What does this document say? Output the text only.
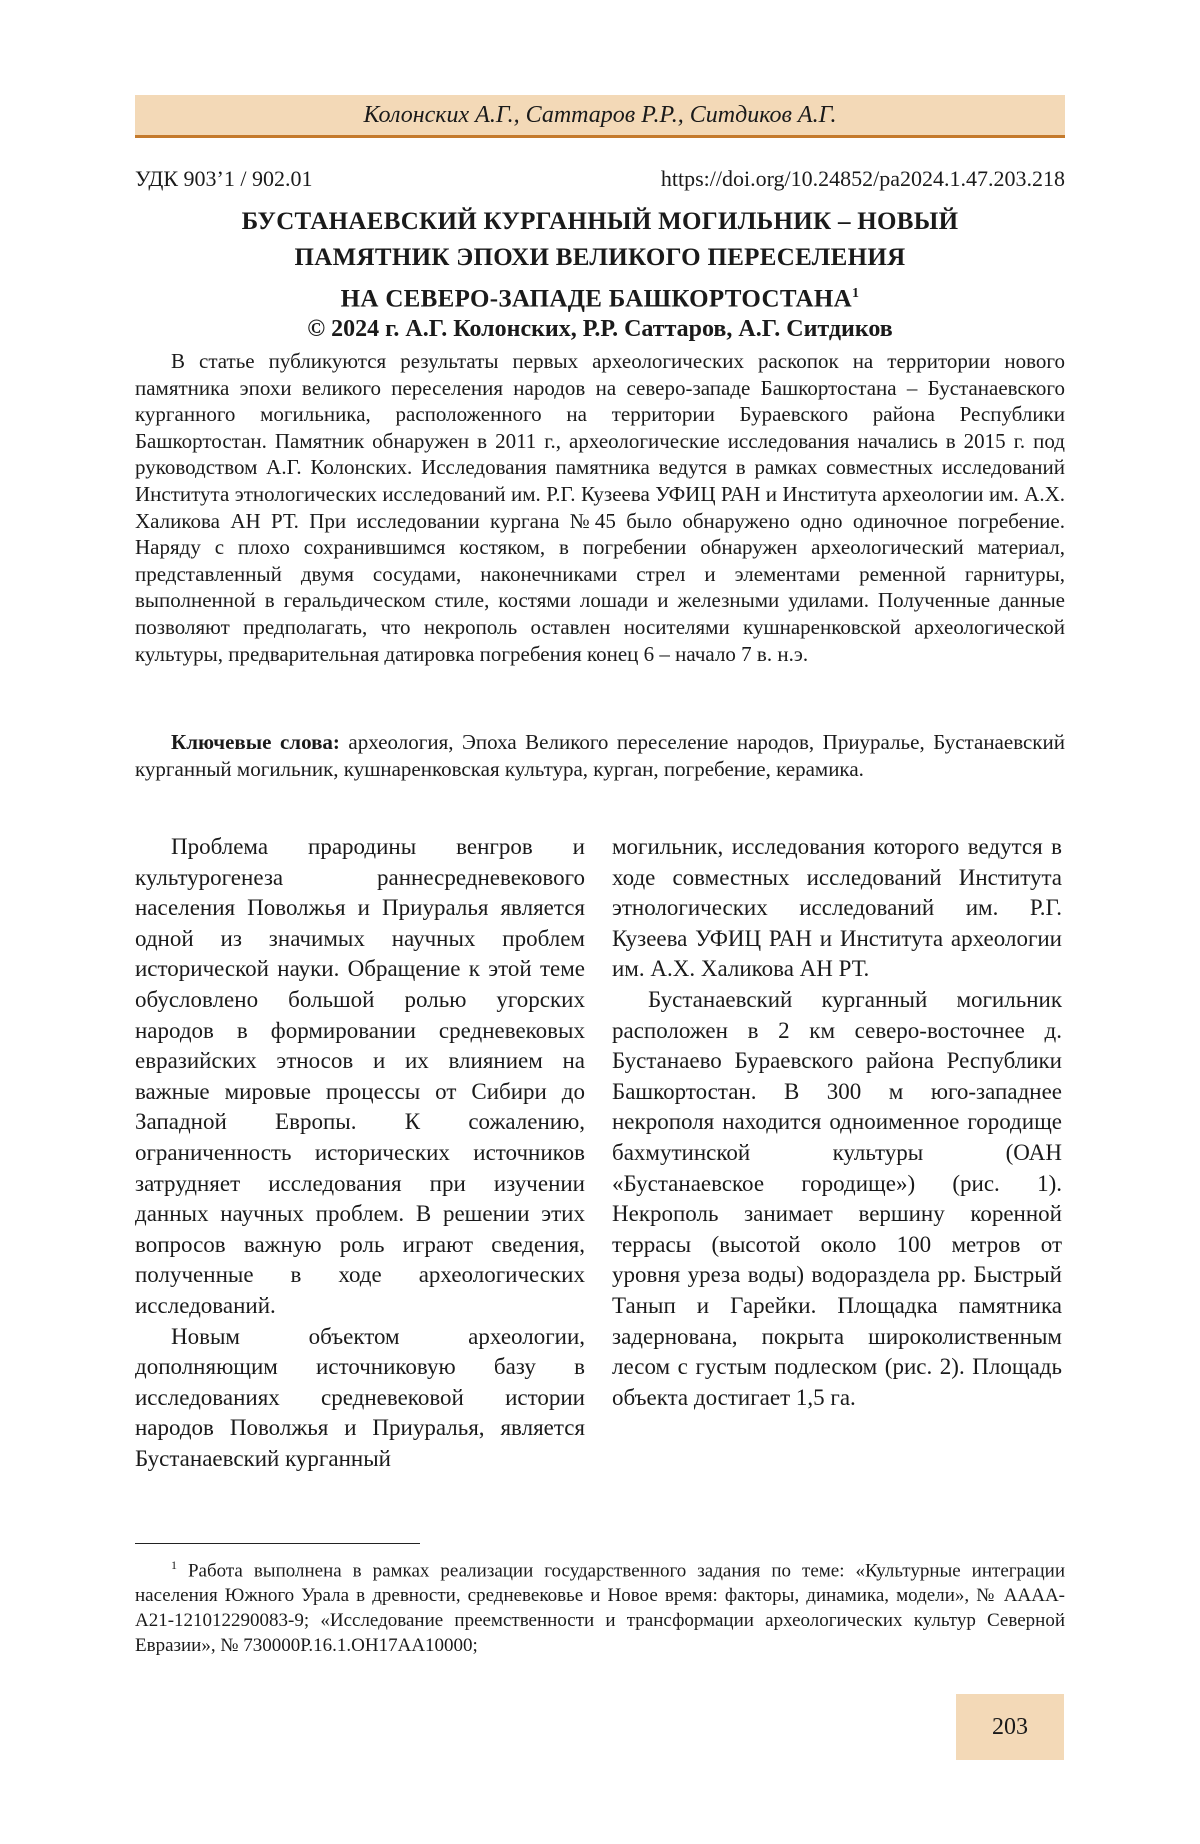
Колонских А.Г., Саттаров Р.Р., Ситдиков А.Г.
УДК 903’1 / 902.01	https://doi.org/10.24852/pa2024.1.47.203.218
БУСТАНАЕВСКИЙ КУРГАННЫЙ МОГИЛЬНИК – НОВЫЙ
ПАМЯТНИК ЭПОХИ ВЕЛИКОГО ПЕРЕСЕЛЕНИЯ
НА СЕВЕРО-ЗАПАДЕ БАШКОРТОСТАНА$^1$
© 2024 г. А.Г. Колонских, Р.Р. Саттаров, А.Г. Ситдиков

В статье публикуются результаты первых археологических раскопок на территории нового памятника эпохи великого переселения народов на северо-западе Башкортостана – Бустанаевского курганного могильника, расположенного на территории Бураевского района Республики Башкортостан. Памятник обнаружен в 2011 г., археологические исследования начались в 2015 г. под руководством А.Г. Колонских. Исследования памятника ведутся в рамках совместных исследований Института этнологических исследований им. Р.Г. Кузеева УФИЦ РАН и Института археологии им. А.Х. Халикова АН РТ. При исследовании кургана №45 было обнаружено одно одиночное погребение. Наряду с плохо сохранившимся костяком, в погребении обнаружен археологический материал, представленный двумя сосудами, наконечниками стрел и элементами ременной гарнитуры, выполненной в геральдическом стиле, костями лошади и железными удилами. Полученные данные позволяют предполагать, что некрополь оставлен носителями кушнаренковской археологической культуры, предварительная датировка погребения конец 6 – начало 7 в. н.э.

Ключевые слова: археология, Эпоха Великого переселение народов, Приуралье, Бустанаевский курганный могильник, кушнаренковская культура, курган, погребение, керамика.

Проблема прародины венгров и культурогенеза раннесредневекового населения Поволжья и Приуралья является одной из значимых научных проблем исторической науки. Обращение к этой теме обусловлено большой ролью угорских народов в формировании средневековых евразийских этносов и их влиянием на важные мировые процессы от Сибири до Западной Европы. К сожалению, ограниченность исторических источников затрудняет исследования при изучении данных научных проблем. В решении этих вопросов важную роль играют сведения, полученные в ходе археологических исследований.

Новым объектом археологии, дополняющим источниковую базу в исследованиях средневековой истории народов Поволжья и Приуралья, является Бустанаевский курганный

могильник, исследования которого ведутся в ходе совместных исследований Института этнологических исследований им. Р.Г. Кузеева УФИЦ РАН и Института археологии им. А.Х. Халикова АН РТ.

Бустанаевский курганный могильник расположен в 2 км северо-восточнее д. Бустанаево Бураевского района Республики Башкортостан. В 300 м юго-западнее некрополя находится одноименное городище бахмутинской культуры (ОАН «Бустанаевское городище») (рис. 1). Некрополь занимает вершину коренной террасы (высотой около 100 метров от уровня уреза воды) водораздела рр. Быстрый Танып и Гарейки. Площадка памятника задернована, покрыта широколиственным лесом с густым подлеском (рис. 2). Площадь объекта достигает 1,5 га.

$^1$ Работа выполнена в рамках реализации государственного задания по теме: «Культурные интеграции населения Южного Урала в древности, средневековье и Новое время: факторы, динамика, модели», № АААА-А21-121012290083-9; «Исследование преемственности и трансформации археологических культур Северной Евразии», № 730000Р.16.1.ОН17АА10000;

203
